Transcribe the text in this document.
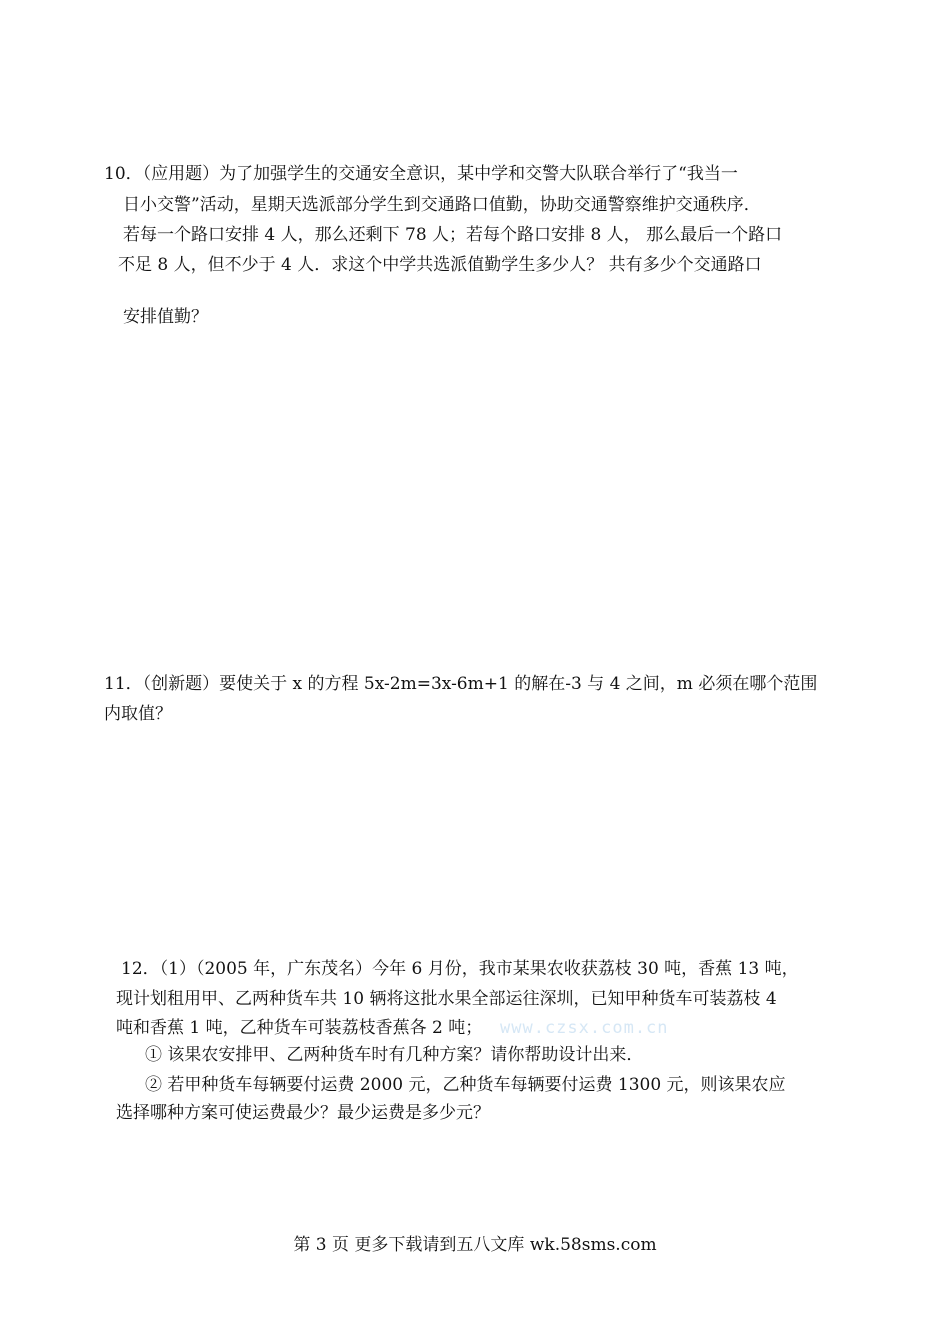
10．（应用题）为了加强学生的交通安全意识，某中学和交警大队联合举行了“我当一
日小交警”活动，星期天选派部分学生到交通路口值勤，协助交通警察维护交通秩序．
若每一个路口安排 4 人，那么还剩下 78 人；若每个路口安排 8 人， 那么最后一个路口
不足 8 人，但不少于 4 人．求这个中学共选派值勤学生多少人？ 共有多少个交通路口
安排值勤？
11．（创新题）要使关于 x 的方程 5x-2m=3x-6m+1 的解在-3 与 4 之间，m 必须在哪个范围
内取值？
12．（1）（2005 年，广东茂名）今年 6 月份，我市某果农收获荔枝 30 吨，香蕉 13 吨，
现计划租用甲、乙两种货车共 10 辆将这批水果全部运往深圳，已知甲种货车可装荔枝 4
吨和香蕉 1 吨，乙种货车可装荔枝香蕉各 2 吨； www.czsx.com.cn
① 该果农安排甲、乙两种货车时有几种方案？请你帮助设计出来．
② 若甲种货车每辆要付运费 2000 元，乙种货车每辆要付运费 1300 元，则该果农应
选择哪种方案可使运费最少？最少运费是多少元？
第 3 页 更多下载请到五八文库 wk.58sms.com
